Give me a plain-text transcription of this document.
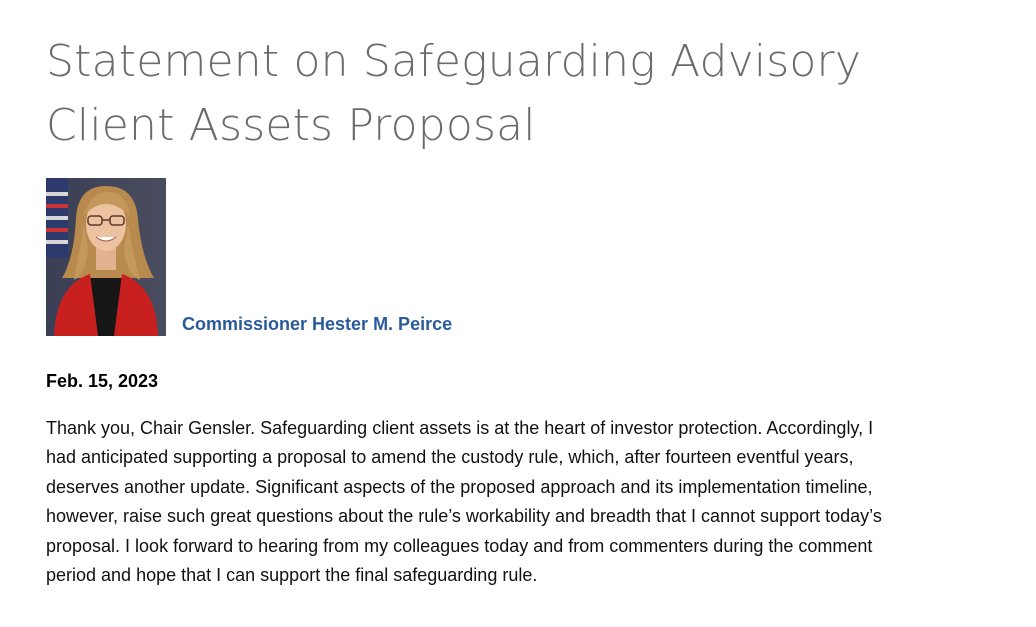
Statement on Safeguarding Advisory Client Assets Proposal
Commissioner Hester M. Peirce

Feb. 15, 2023

Thank you, Chair Gensler. Safeguarding client assets is at the heart of investor protection. Accordingly, I had anticipated supporting a proposal to amend the custody rule, which, after fourteen eventful years, deserves another update. Significant aspects of the proposed approach and its implementation timeline, however, raise such great questions about the rule’s workability and breadth that I cannot support today’s proposal. I look forward to hearing from my colleagues today and from commenters during the comment period and hope that I can support the final safeguarding rule.
